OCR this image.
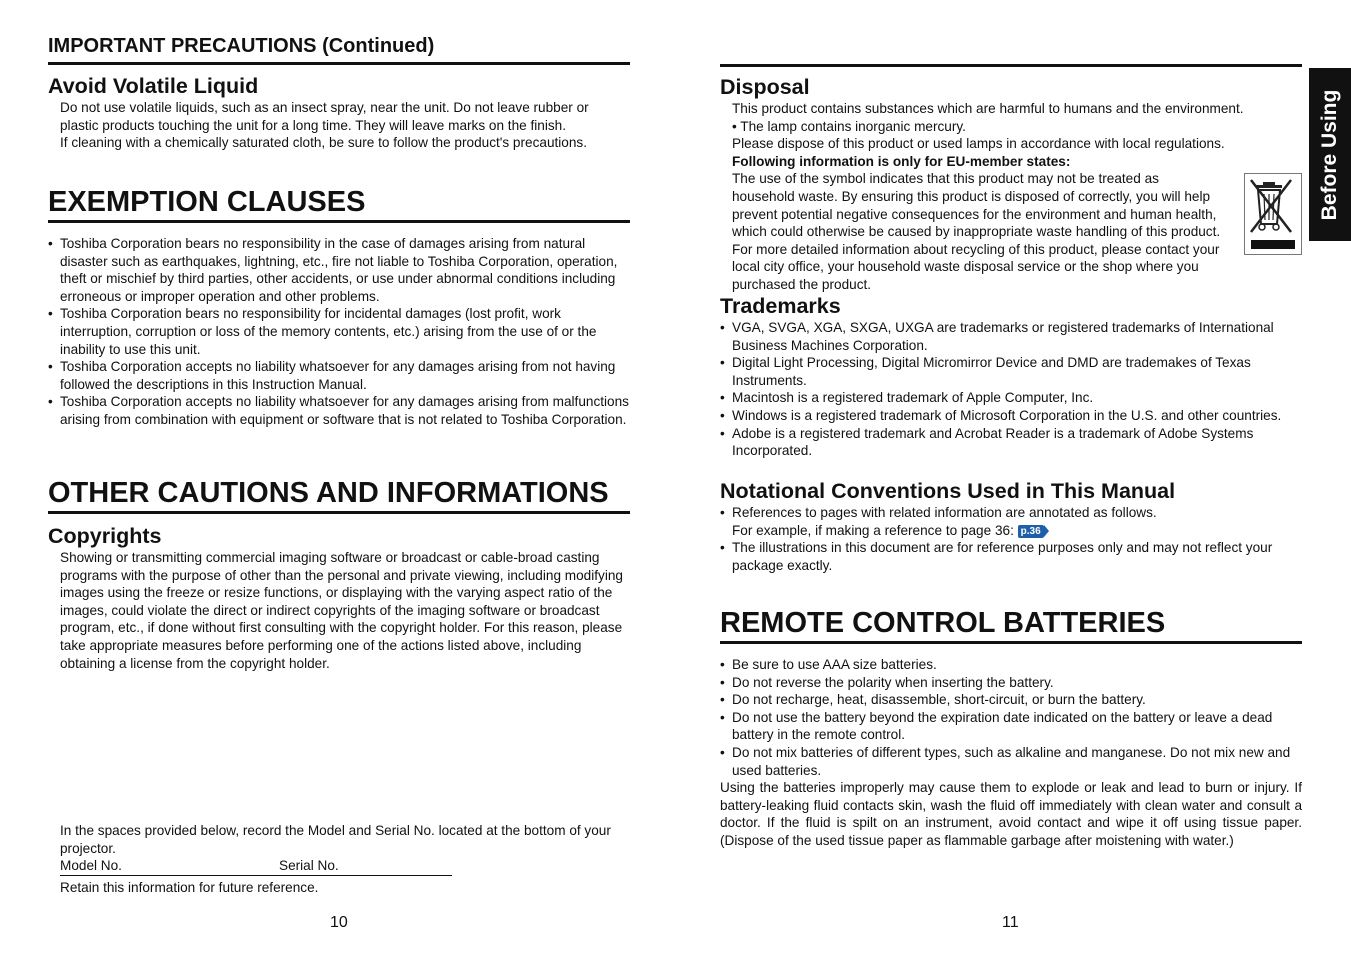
IMPORTANT PRECAUTIONS (Continued)
Avoid Volatile Liquid

Do not use volatile liquids, such as an insect spray, near the unit. Do not leave rubber or

plastic products touching the unit for a long time. They will leave marks on the finish.

If cleaning with a chemically saturated cloth, be sure to follow the product's precautions.

EXEMPTION CLAUSES
• Toshiba Corporation bears no responsibility in the case of damages arising from natural disaster such as earthquakes, lightning, etc., fire not liable to Toshiba Corporation, operation, theft or mischief by third parties, other accidents, or use under abnormal conditions including erroneous or improper operation and other problems.
• Toshiba Corporation bears no responsibility for incidental damages (lost profit, work interruption, corruption or loss of the memory contents, etc.) arising from the use of or the inability to use this unit.
• Toshiba Corporation accepts no liability whatsoever for any damages arising from not having followed the descriptions in this Instruction Manual.
• Toshiba Corporation accepts no liability whatsoever for any damages arising from malfunctions arising from combination with equipment or software that is not related to Toshiba Corporation.
OTHER CAUTIONS AND INFORMATIONS
Copyrights

Showing or transmitting commercial imaging software or broadcast or cable-broad casting programs with the purpose of other than the personal and private viewing, including modifying images using the freeze or resize functions, or displaying with the varying aspect ratio of the images, could violate the direct or indirect copyrights of the imaging software or broadcast program, etc., if done without first consulting with the copyright holder. For this reason, please take appropriate measures before performing one of the actions listed above, including obtaining a license from the copyright holder.

In the spaces provided below, record the Model and Serial No. located at the bottom of your projector.

Model No.	Serial No.

Retain this information for future reference.

10
Before Using
Disposal

This product contains substances which are harmful to humans and the environment.

• The lamp contains inorganic mercury.

Please dispose of this product or used lamps in accordance with local regulations.

Following information is only for EU-member states:

The use of the symbol indicates that this product may not be treated as household waste. By ensuring this product is disposed of correctly, you will help prevent potential negative consequences for the environment and human health, which could otherwise be caused by inappropriate waste handling of this product. For more detailed information about recycling of this product, please contact your local city office, your household waste disposal service or the shop where you purchased the product.

Trademarks
• VGA, SVGA, XGA, SXGA, UXGA are trademarks or registered trademarks of International Business Machines Corporation.
• Digital Light Processing, Digital Micromirror Device and DMD are trademakes of Texas Instruments.
• Macintosh is a registered trademark of Apple Computer, Inc.
• Windows is a registered trademark of Microsoft Corporation in the U.S. and other countries.
• Adobe is a registered trademark and Acrobat Reader is a trademark of Adobe Systems Incorporated.
Notational Conventions Used in This Manual
• References to pages with related information are annotated as follows.
For example, if making a reference to page 36: p.36
• The illustrations in this document are for reference purposes only and may not reflect your package exactly.
REMOTE CONTROL BATTERIES
• Be sure to use AAA size batteries.
• Do not reverse the polarity when inserting the battery.
• Do not recharge, heat, disassemble, short-circuit, or burn the battery.
• Do not use the battery beyond the expiration date indicated on the battery or leave a dead battery in the remote control.
• Do not mix batteries of different types, such as alkaline and manganese. Do not mix new and used batteries.

Using the batteries improperly may cause them to explode or leak and lead to burn or injury. If battery-leaking fluid contacts skin, wash the fluid off immediately with clean water and consult a doctor. If the fluid is spilt on an instrument, avoid contact and wipe it off using tissue paper. (Dispose of the used tissue paper as flammable garbage after moistening with water.)

11
